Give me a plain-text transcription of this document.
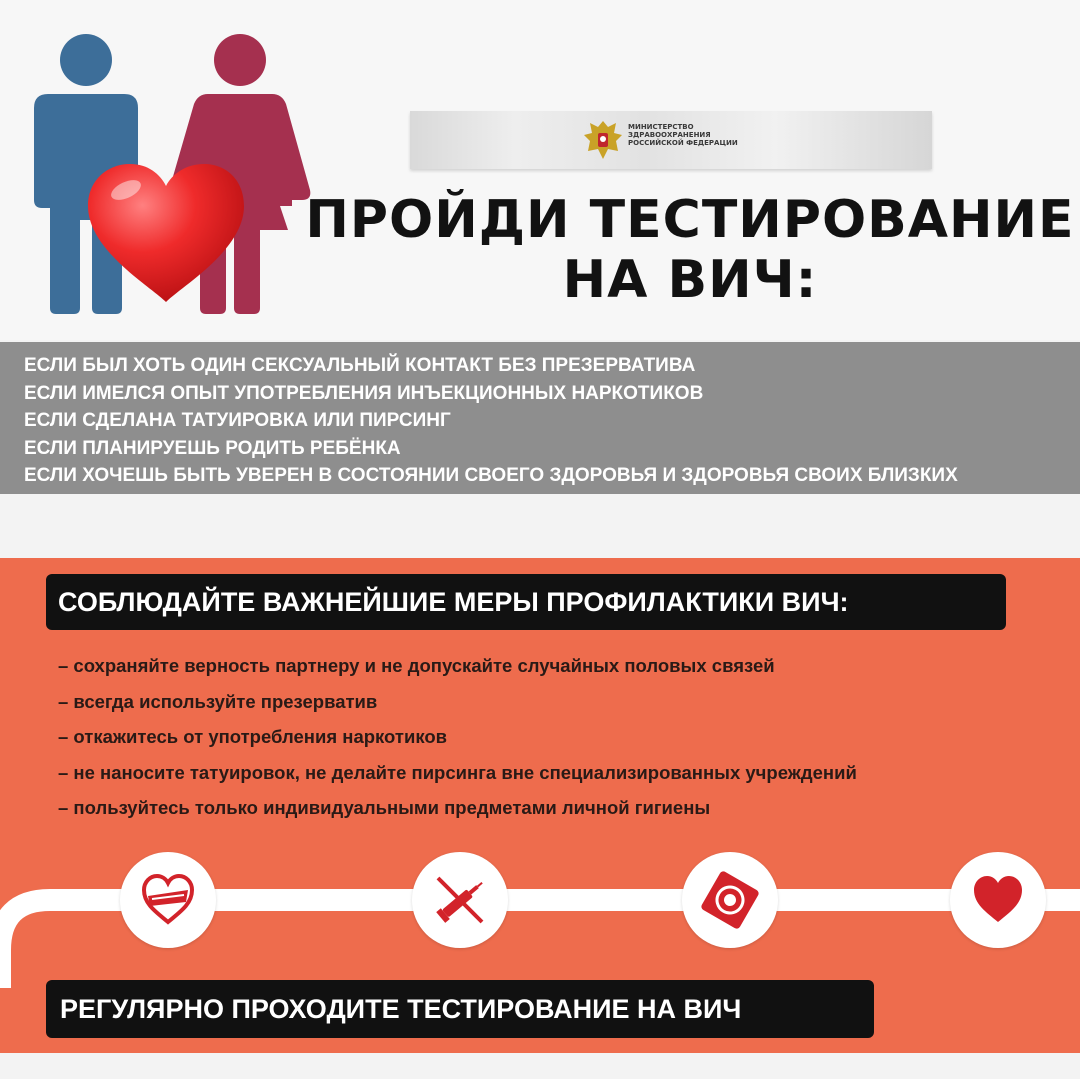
МИНИСТЕРСТВО
ЗДРАВООХРАНЕНИЯ
РОССИЙСКОЙ ФЕДЕРАЦИИ
ПРОЙДИ ТЕСТИРОВАНИЕ
НА ВИЧ:
ЕСЛИ БЫЛ ХОТЬ ОДИН СЕКСУАЛЬНЫЙ КОНТАКТ БЕЗ ПРЕЗЕРВАТИВА
ЕСЛИ ИМЕЛСЯ ОПЫТ УПОТРЕБЛЕНИЯ ИНЪЕКЦИОННЫХ НАРКОТИКОВ
ЕСЛИ СДЕЛАНА ТАТУИРОВКА ИЛИ ПИРСИНГ
ЕСЛИ ПЛАНИРУЕШЬ РОДИТЬ РЕБЁНКА
ЕСЛИ ХОЧЕШЬ БЫТЬ УВЕРЕН В СОСТОЯНИИ СВОЕГО ЗДОРОВЬЯ И ЗДОРОВЬЯ СВОИХ БЛИЗКИХ
СОБЛЮДАЙТЕ ВАЖНЕЙШИЕ МЕРЫ ПРОФИЛАКТИКИ ВИЧ:
– сохраняйте верность партнеру и не допускайте случайных половых связей
– всегда используйте презерватив
– откажитесь от употребления наркотиков
– не наносите татуировок, не делайте пирсинга вне специализированных учреждений
– пользуйтесь только индивидуальными предметами личной гигиены
РЕГУЛЯРНО ПРОХОДИТЕ ТЕСТИРОВАНИЕ НА ВИЧ
